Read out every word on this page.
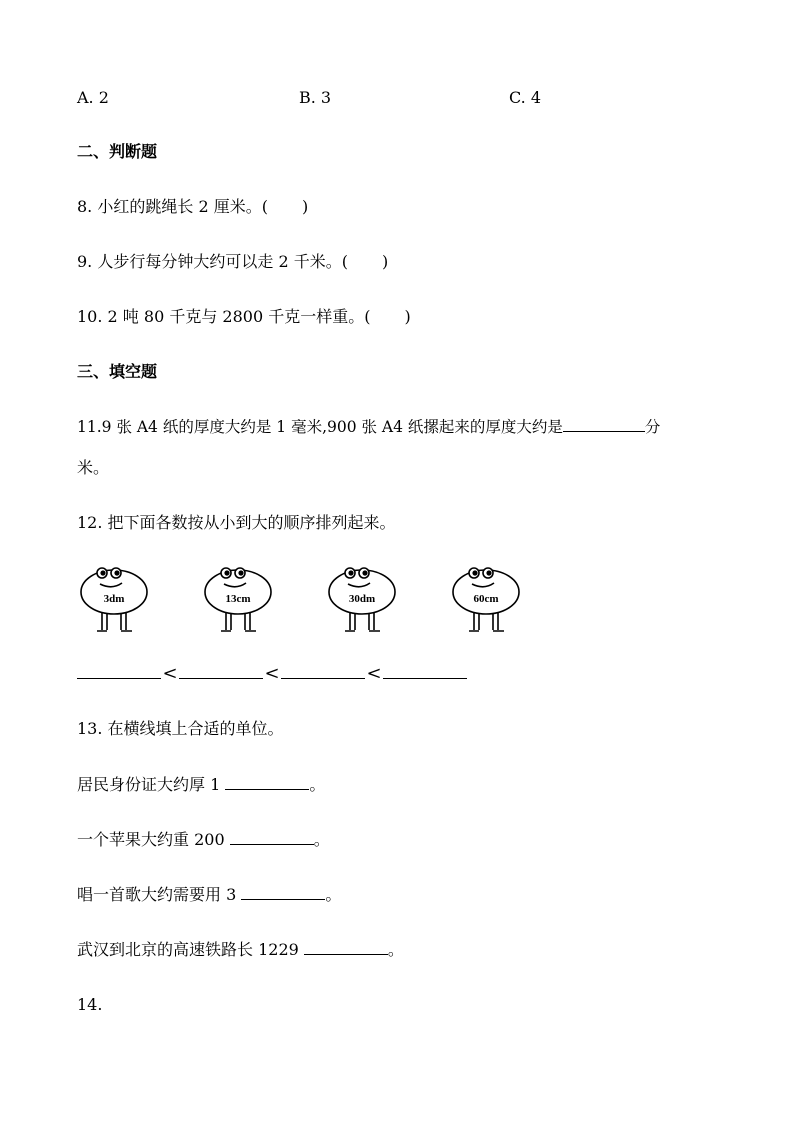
A. 2	B. 3	C. 4
二、判断题
8. 小红的跳绳长 2 厘米。( )
9. 人步行每分钟大约可以走 2 千米。( )
10. 2 吨 80 千克与 2800 千克一样重。( )
三、填空题
11.9 张 A4 纸的厚度大约是 1 毫米,900 张 A4 纸摞起来的厚度大约是	分
米。
12. 把下面各数按从小到大的顺序排列起来。
3dm	13cm	30dm	60cm
<	<	<
13. 在横线填上合适的单位。
居民身份证大约厚 1	。
一个苹果大约重 200	。
唱一首歌大约需要用 3	。
武汉到北京的高速铁路长 1229	。
14.
